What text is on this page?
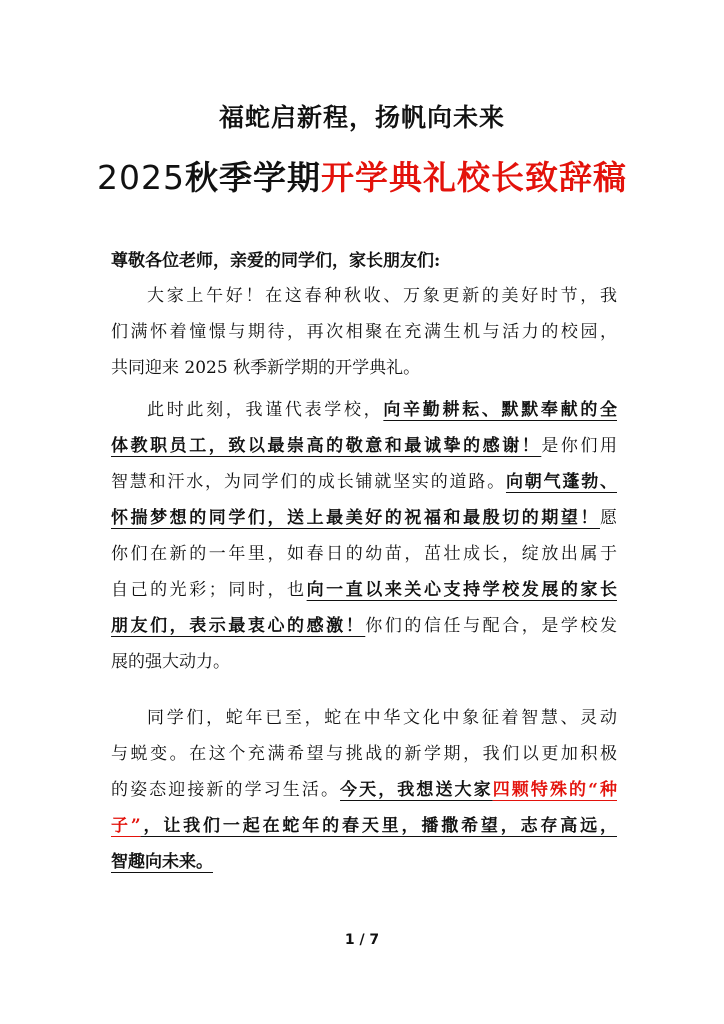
福蛇启新程，扬帆向未来
2025秋季学期开学典礼校长致辞稿
尊敬各位老师，亲爱的同学们，家长朋友们:
大家上午好！在这春种秋收、万象更新的美好时节，我
们满怀着憧憬与期待，再次相聚在充满生机与活力的校园，
共同迎来 2025 秋季新学期的开学典礼。
此时此刻，我谨代表学校，向辛勤耕耘、默默奉献的全
体教职员工，致以最崇高的敬意和最诚挚的感谢！是你们用
智慧和汗水，为同学们的成长铺就坚实的道路。向朝气蓬勃、
怀揣梦想的同学们，送上最美好的祝福和最殷切的期望！愿
你们在新的一年里，如春日的幼苗，茁壮成长，绽放出属于
自己的光彩；同时，也向一直以来关心支持学校发展的家长
朋友们，表示最衷心的感激！你们的信任与配合，是学校发
展的强大动力。
同学们，蛇年已至，蛇在中华文化中象征着智慧、灵动
与蜕变。在这个充满希望与挑战的新学期，我们以更加积极
的姿态迎接新的学习生活。今天，我想送大家四颗特殊的“种
子”，让我们一起在蛇年的春天里，播撒希望，志存高远，
智趣向未来。
1 / 7
